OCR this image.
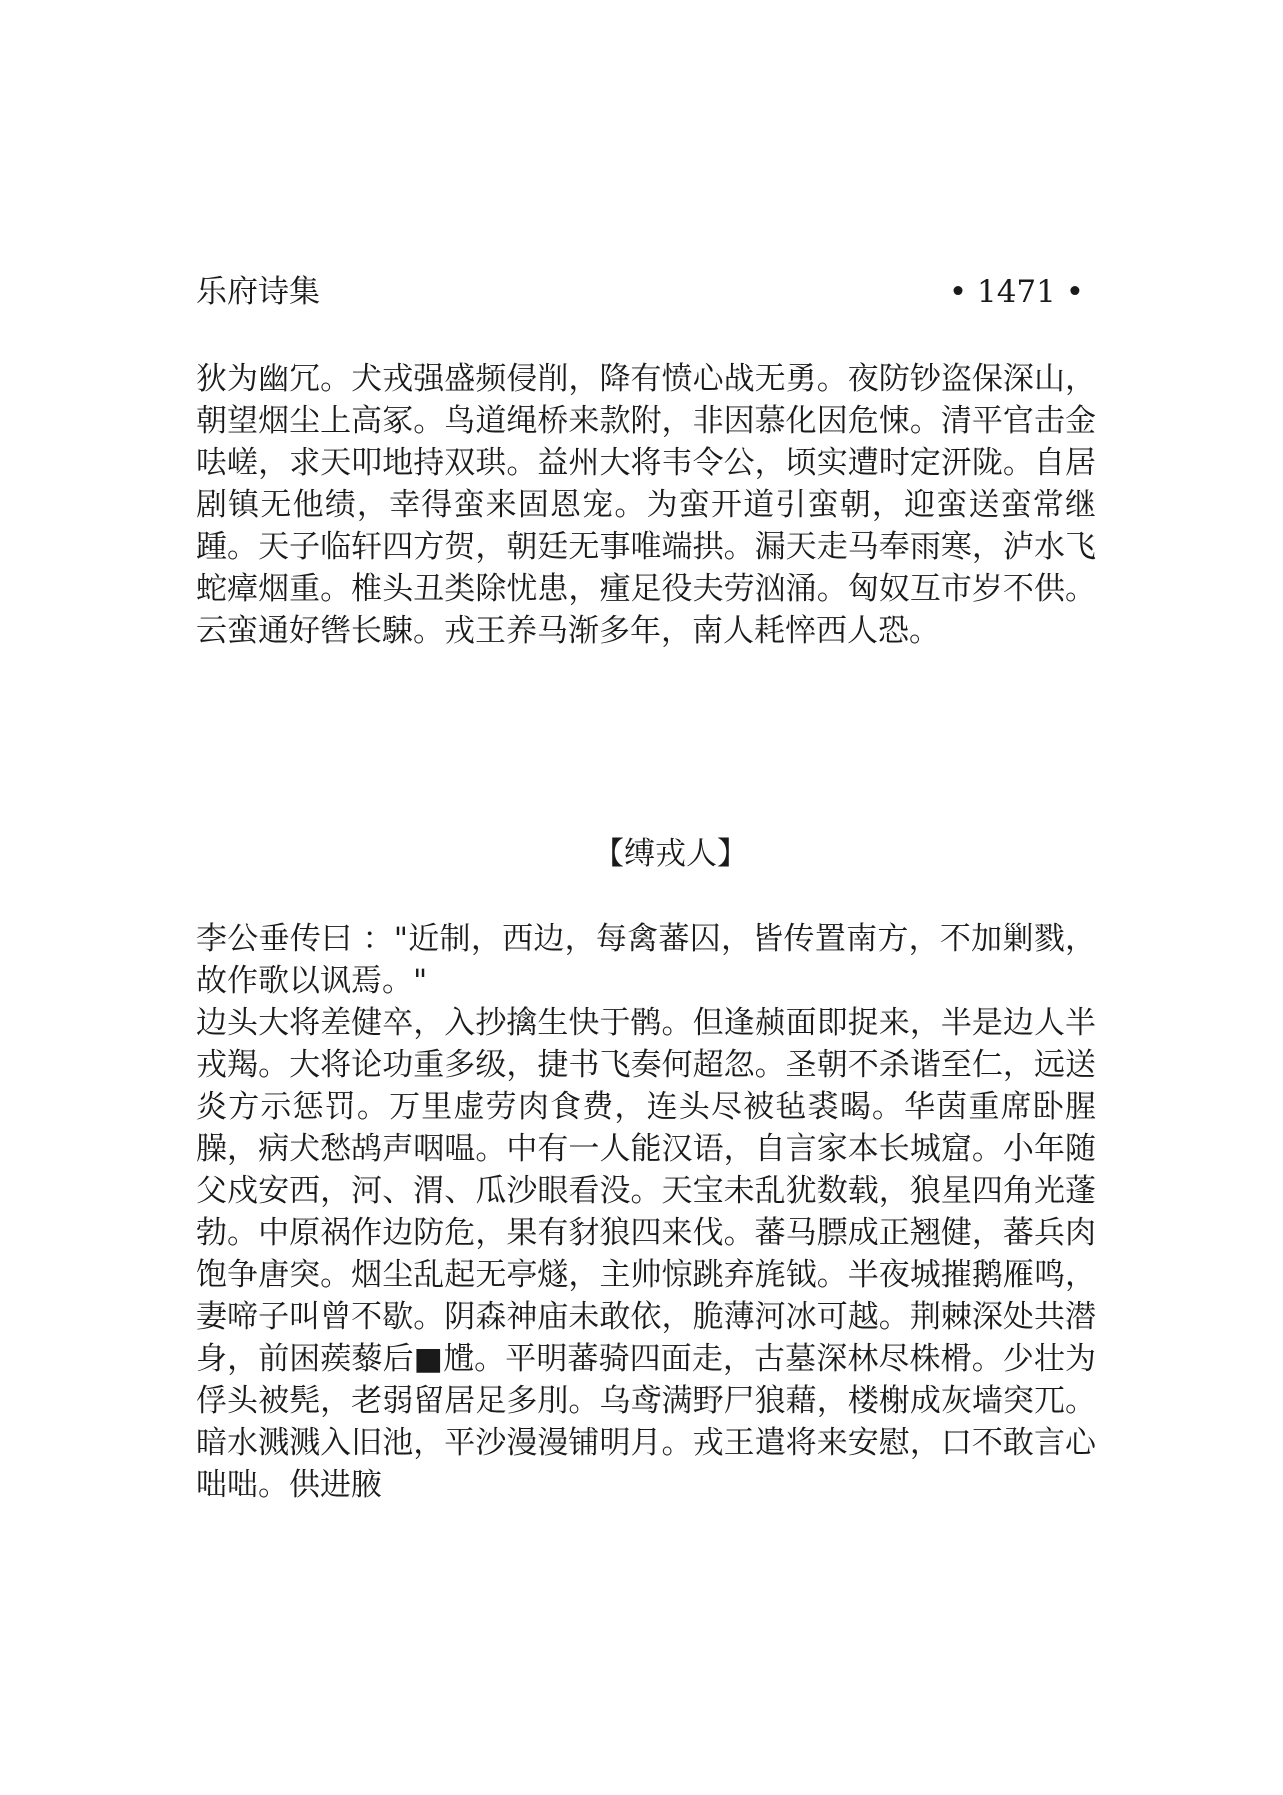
乐府诗集	• 1471 •
狄为幽冗。犬戎强盛频侵削，降有愤心战无勇。夜防钞盗保深山，朝望烟尘上高冢。鸟道绳桥来款附，非因慕化因危悚。清平官击金呿嵯，求天叩地持双珙。益州大将韦令公，顷实遭时定汧陇。自居剧镇无他绩，幸得蛮来固恩宠。为蛮开道引蛮朝，迎蛮送蛮常继踵。天子临轩四方贺，朝廷无事唯端拱。漏天走马奉雨寒，泸水飞蛇瘴烟重。椎头丑类除忧患，瘇足役夫劳汹涌。匈奴互市岁不供。云蛮通好辔长駷。戎王养马渐多年，南人耗悴西人恐。
【缚戎人】

李公垂传曰 ："近制，西边，每禽蕃囚，皆传置南方，不加剿戮，故作歌以讽焉。"

边头大将差健卒，入抄擒生快于鹘。但逢赪面即捉来，半是边人半戎羯。大将论功重多级，捷书飞奏何超忽。圣朝不杀谐至仁，远送炎方示惩罚。万里虚劳肉食费，连头尽被毡裘暍。华茵重席卧腥臊，病犬愁鸪声咽嗢。中有一人能汉语，自言家本长城窟。小年随父戍安西，河、渭、瓜沙眼看没。天宝未乱犹数载，狼星四角光蓬勃。中原祸作边防危，果有豺狼四来伐。蕃马膘成正翘健，蕃兵肉饱争唐突。烟尘乱起无亭燧，主帅惊跳弃旄钺。半夜城摧鹅雁鸣，妻啼子叫曾不歇。阴森神庙未敢依，脆薄河冰可越。荆棘深处共潜身，前困蒺藜后■尳。平明蕃骑四面走，古墓深林尽株榾。少壮为俘头被髡，老弱留居足多刖。乌鸢满野尸狼藉，楼榭成灰墙突兀。暗水溅溅入旧池，平沙漫漫铺明月。戎王遣将来安慰，口不敢言心咄咄。供进腋
